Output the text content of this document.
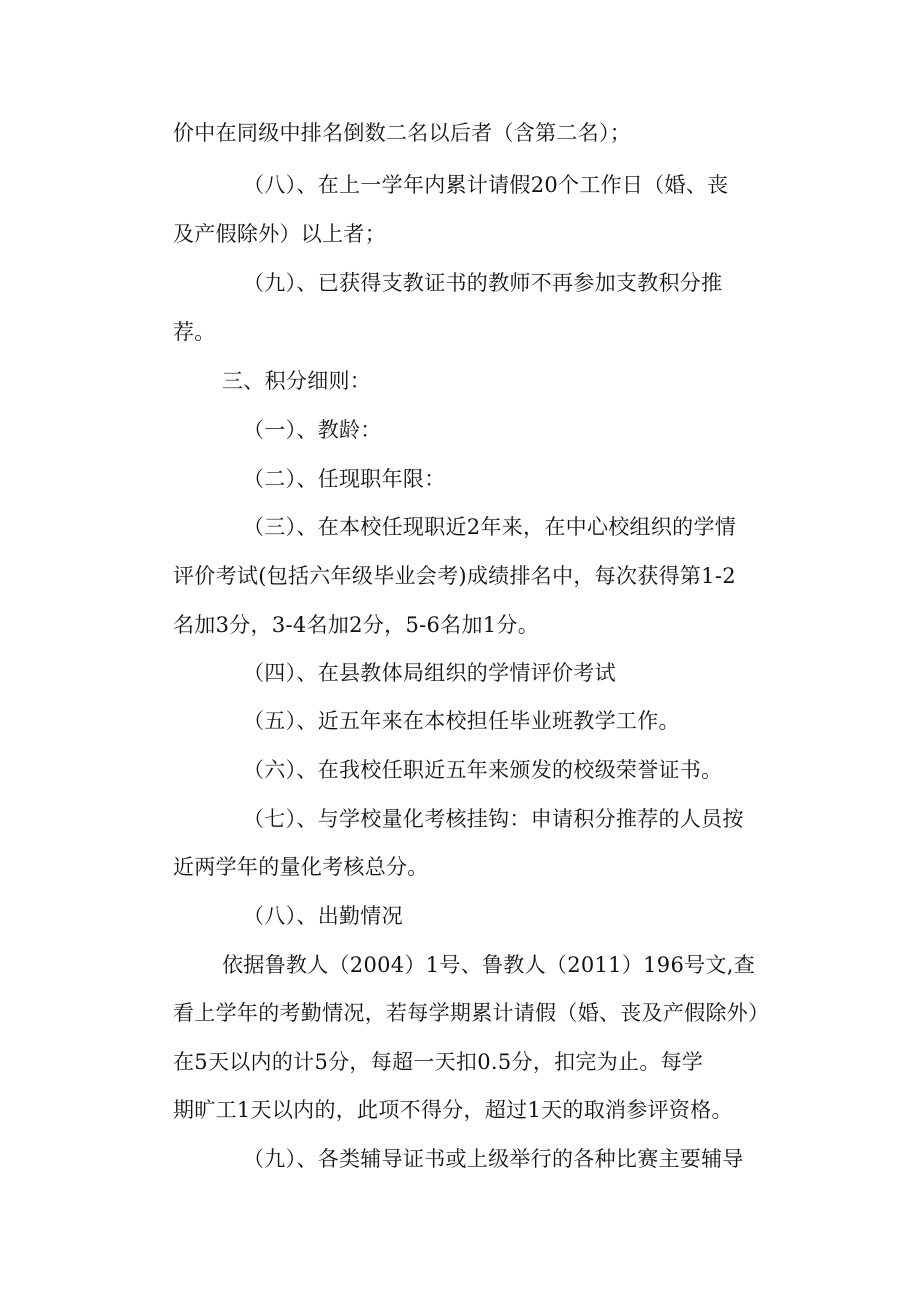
价中在同级中排名倒数二名以后者（含第二名）；
（八）、在上一学年内累计请假20个工作日（婚、丧
及产假除外）以上者；
（九）、已获得支教证书的教师不再参加支教积分推
荐。
三、积分细则：
（一）、教龄：
（二）、任现职年限：
（三）、在本校任现职近2年来，在中心校组织的学情
评价考试(包括六年级毕业会考)成绩排名中，每次获得第1-2
名加3分，3-4名加2分，5-6名加1分。
（四）、在县教体局组织的学情评价考试
（五）、近五年来在本校担任毕业班教学工作。
（六）、在我校任职近五年来颁发的校级荣誉证书。
（七）、与学校量化考核挂钩：申请积分推荐的人员按
近两学年的量化考核总分。
（八）、出勤情况
依据鲁教人（2004）1号、鲁教人（2011）196号文,查
看上学年的考勤情况，若每学期累计请假（婚、丧及产假除外）
在5天以内的计5分，每超一天扣0.5分，扣完为止。每学
期旷工1天以内的，此项不得分，超过1天的取消参评资格。
（九）、各类辅导证书或上级举行的各种比赛主要辅导
